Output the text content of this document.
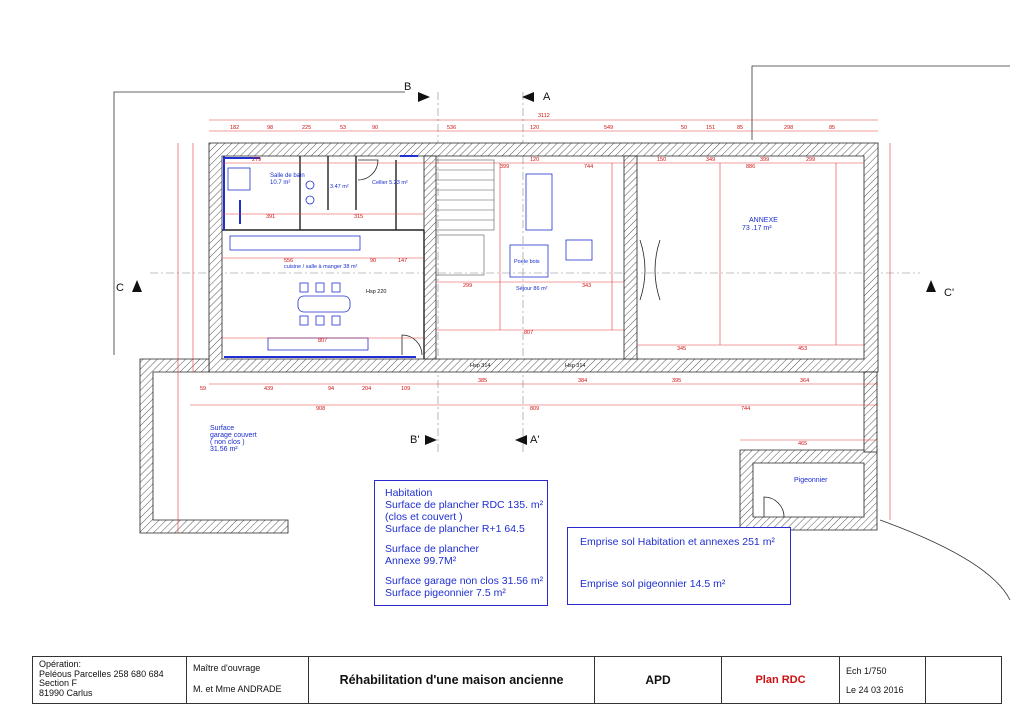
B
A
B'	A'
C	C'
3112
182	98	225	53	90	536	120	549	50	151	85	298	85
279	120
744
150	349	399
886
299
59	439	94	204	109
385	384	395	364
908	809	744
399
299	343
807
807
345	453
465
556
391	315
147
90
Salle de bain
10.7 m²	Cellier 5.23 m²
3.47 m²
cuisine / salle à manger 38 m²
Hsp 220
Poele bois
Séjour 86 m²
Hsp 314	Hsp 314
ANNEXE
73 .17 m²
Surface
garage couvert
( non clos )
31.56 m²
Pigeonnier
Habitation
Surface de plancher RDC 135. m²
(clos et couvert )
Surface de plancher R+1 64.5
Surface de plancher
Annexe 99.7M²
Surface garage non clos 31.56 m²
Surface pigeonnier 7.5 m²
Emprise sol Habitation et annexes 251 m²
Emprise sol pigeonnier 14.5 m²
Opération:
Peléous Parcelles 258 680 684
Section F
81990 Carlus
Maître d'ouvrage
M. et Mme ANDRADE
Réhabilitation d'une maison ancienne	APD	Plan RDC
Ech 1/750
Le 24 03 2016
